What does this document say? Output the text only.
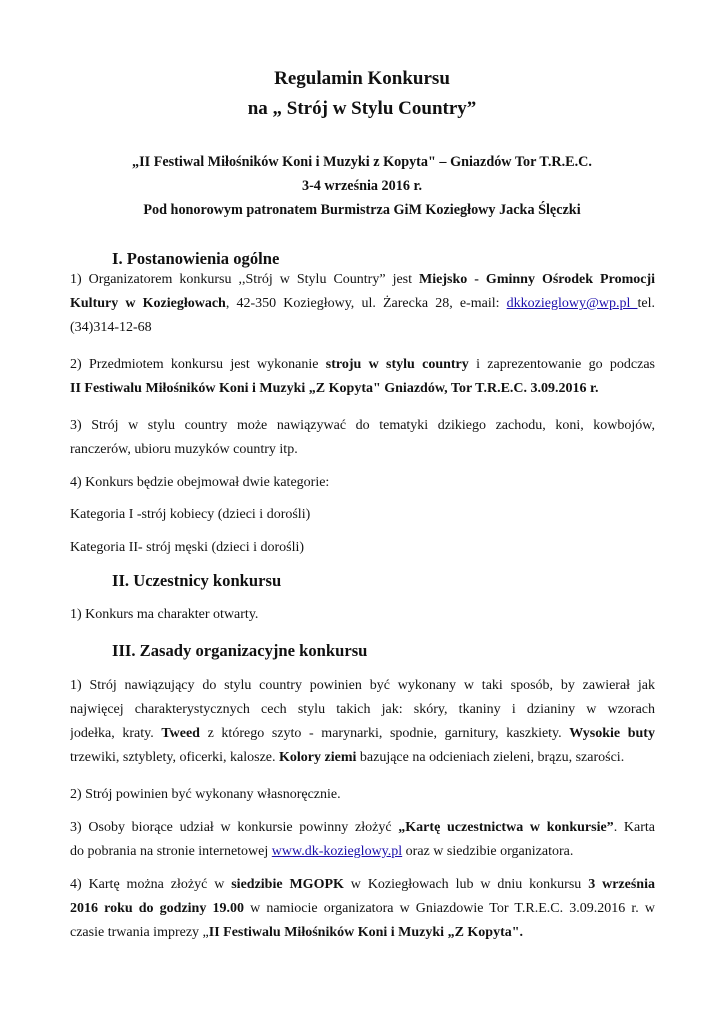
Regulamin Konkursu
na „ Strój w Stylu Country”
„II Festiwal Miłośników Koni i Muzyki z Kopyta" – Gniazdów Tor T.R.E.C.
3-4 września 2016 r.
Pod honorowym patronatem Burmistrza GiM Koziegłowy Jacka Ślęczki
I. Postanowienia ogólne
1) Organizatorem konkursu ,,Strój w Stylu Country” jest Miejsko - Gminny Ośrodek Promocji
Kultury w Koziegłowach, 42-350 Koziegłowy, ul. Żarecka 28, e-mail: dkkozieglowy@wp.pl tel.
(34)314-12-68
2) Przedmiotem konkursu jest wykonanie stroju w stylu country i zaprezentowanie go podczas
II Festiwalu Miłośników Koni i Muzyki „Z Kopyta" Gniazdów, Tor T.R.E.C. 3.09.2016 r.
3) Strój w stylu country może nawiązywać do tematyki dzikiego zachodu, koni, kowbojów,
ranczerów, ubioru muzyków country itp.
4) Konkurs będzie obejmował dwie kategorie:
Kategoria I -strój kobiecy (dzieci i dorośli)
Kategoria II- strój męski (dzieci i dorośli)
II. Uczestnicy konkursu
1) Konkurs ma charakter otwarty.
III. Zasady organizacyjne konkursu
1) Strój nawiązujący do stylu country powinien być wykonany w taki sposób, by zawierał jak
najwięcej charakterystycznych cech stylu takich jak: skóry, tkaniny i dzianiny w wzorach
jodełka, kraty. Tweed z którego szyto - marynarki, spodnie, garnitury, kaszkiety. Wysokie buty
trzewiki, sztyblety, oficerki, kalosze. Kolory ziemi bazujące na odcieniach zieleni, brązu, szarości.
2) Strój powinien być wykonany własnoręcznie.
3) Osoby biorące udział w konkursie powinny złożyć „Kartę uczestnictwa w konkursie”. Karta
do pobrania na stronie internetowej www.dk-kozieglowy.pl oraz w siedzibie organizatora.
4) Kartę można złożyć w siedzibie MGOPK w Koziegłowach lub w dniu konkursu 3 września
2016 roku do godziny 19.00 w namiocie organizatora w Gniazdowie Tor T.R.E.C. 3.09.2016 r. w
czasie trwania imprezy „II Festiwalu Miłośników Koni i Muzyki „Z Kopyta".
